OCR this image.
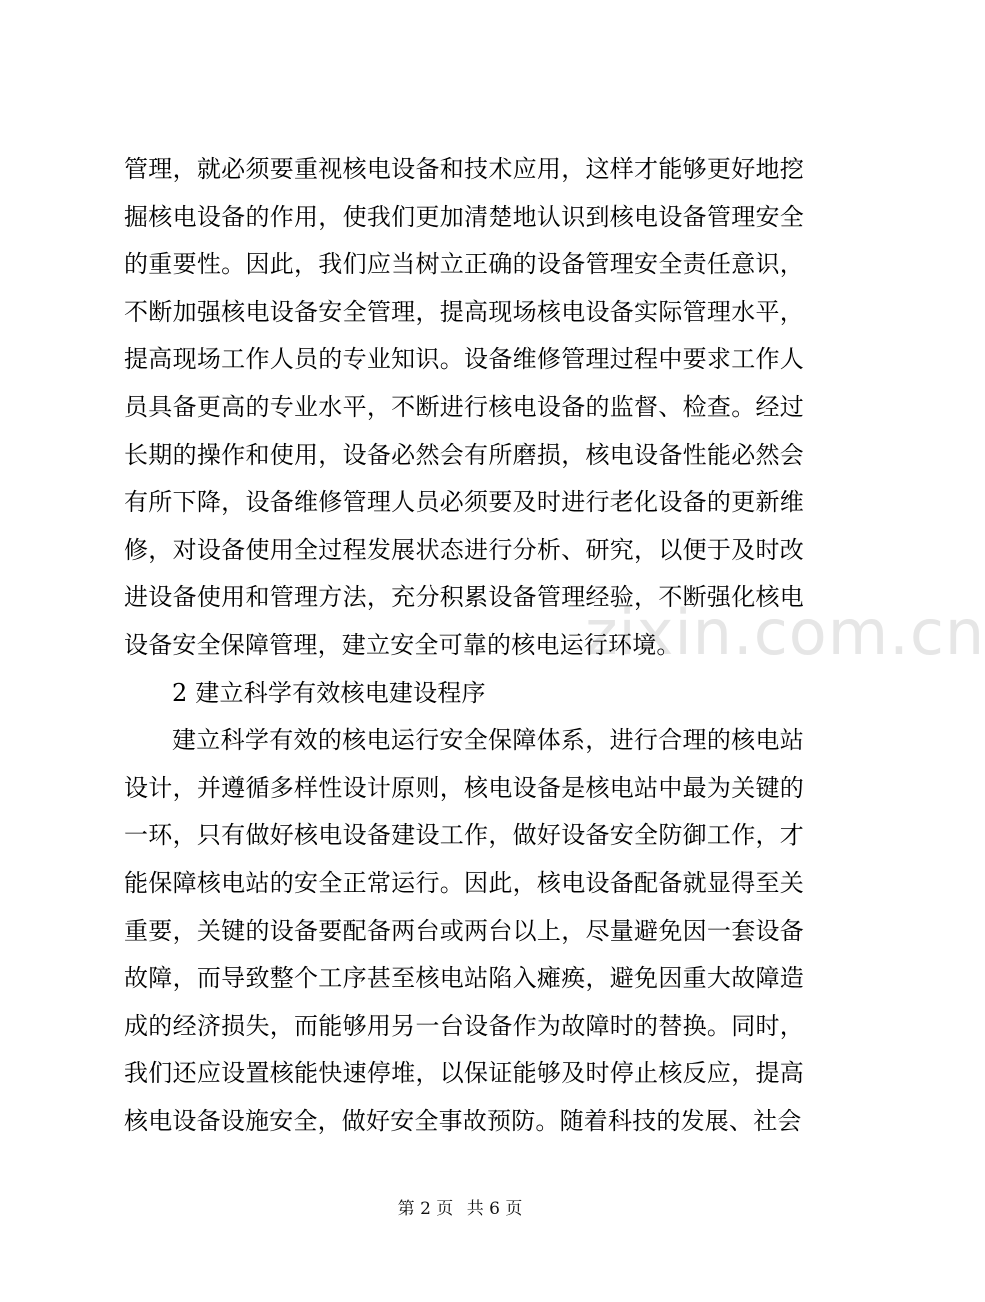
zixin.com.cn

管理，就必须要重视核电设备和技术应用，这样才能够更好地挖掘核电设备的作用，使我们更加清楚地认识到核电设备管理安全的重要性。因此，我们应当树立正确的设备管理安全责任意识，不断加强核电设备安全管理，提高现场核电设备实际管理水平，提高现场工作人员的专业知识。设备维修管理过程中要求工作人员具备更高的专业水平，不断进行核电设备的监督、检查。经过长期的操作和使用，设备必然会有所磨损，核电设备性能必然会有所下降，设备维修管理人员必须要及时进行老化设备的更新维修，对设备使用全过程发展状态进行分析、研究，以便于及时改进设备使用和管理方法，充分积累设备管理经验，不断强化核电设备安全保障管理，建立安全可靠的核电运行环境。

2 建立科学有效核电建设程序

建立科学有效的核电运行安全保障体系，进行合理的核电站设计，并遵循多样性设计原则，核电设备是核电站中最为关键的一环，只有做好核电设备建设工作，做好设备安全防御工作，才能保障核电站的安全正常运行。因此，核电设备配备就显得至关重要，关键的设备要配备两台或两台以上，尽量避免因一套设备故障，而导致整个工序甚至核电站陷入瘫痪，避免因重大故障造成的经济损失，而能够用另一台设备作为故障时的替换。同时，我们还应设置核能快速停堆，以保证能够及时停止核反应，提高核电设备设施安全，做好安全事故预防。随着科技的发展、社会

第 2 页 共 6 页
